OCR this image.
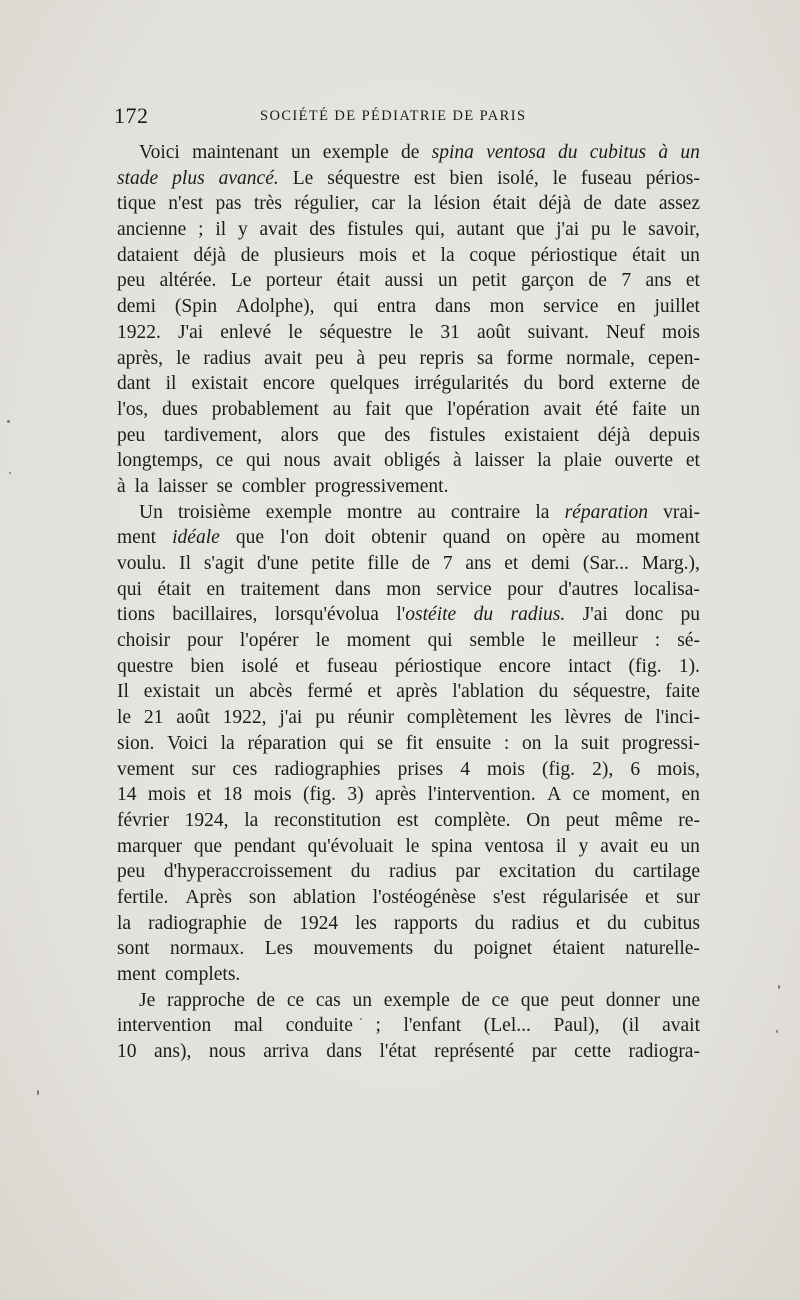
172	SOCIÉTÉ DE PÉDIATRIE DE PARIS
Voici maintenant un exemple de spina ventosa du cubitus à un
stade plus avancé. Le séquestre est bien isolé, le fuseau périos-
tique n'est pas très régulier, car la lésion était déjà de date assez
ancienne ; il y avait des fistules qui, autant que j'ai pu le savoir,
dataient déjà de plusieurs mois et la coque périostique était un
peu altérée. Le porteur était aussi un petit garçon de 7 ans et
demi (Spin Adolphe), qui entra dans mon service en juillet
1922. J'ai enlevé le séquestre le 31 août suivant. Neuf mois
après, le radius avait peu à peu repris sa forme normale, cepen-
dant il existait encore quelques irrégularités du bord externe de
l'os, dues probablement au fait que l'opération avait été faite un
peu tardivement, alors que des fistules existaient déjà depuis
longtemps, ce qui nous avait obligés à laisser la plaie ouverte et
à la laisser se combler progressivement.
Un troisième exemple montre au contraire la réparation vrai-
ment idéale que l'on doit obtenir quand on opère au moment
voulu. Il s'agit d'une petite fille de 7 ans et demi (Sar... Marg.),
qui était en traitement dans mon service pour d'autres localisa-
tions bacillaires, lorsqu'évolua l'ostéite du radius. J'ai donc pu
choisir pour l'opérer le moment qui semble le meilleur : sé-
questre bien isolé et fuseau périostique encore intact (fig. 1).
Il existait un abcès fermé et après l'ablation du séquestre, faite
le 21 août 1922, j'ai pu réunir complètement les lèvres de l'inci-
sion. Voici la réparation qui se fit ensuite : on la suit progressi-
vement sur ces radiographies prises 4 mois (fig. 2), 6 mois,
14 mois et 18 mois (fig. 3) après l'intervention. A ce moment, en
février 1924, la reconstitution est complète. On peut même re-
marquer que pendant qu'évoluait le spina ventosa il y avait eu un
peu d'hyperaccroissement du radius par excitation du cartilage
fertile. Après son ablation l'ostéogénèse s'est régularisée et sur
la radiographie de 1924 les rapports du radius et du cubitus
sont normaux. Les mouvements du poignet étaient naturelle-
ment complets.
Je rapproche de ce cas un exemple de ce que peut donner une
intervention mal conduite ; l'enfant (Lel... Paul), (il avait
10 ans), nous arriva dans l'état représenté par cette radiogra-
